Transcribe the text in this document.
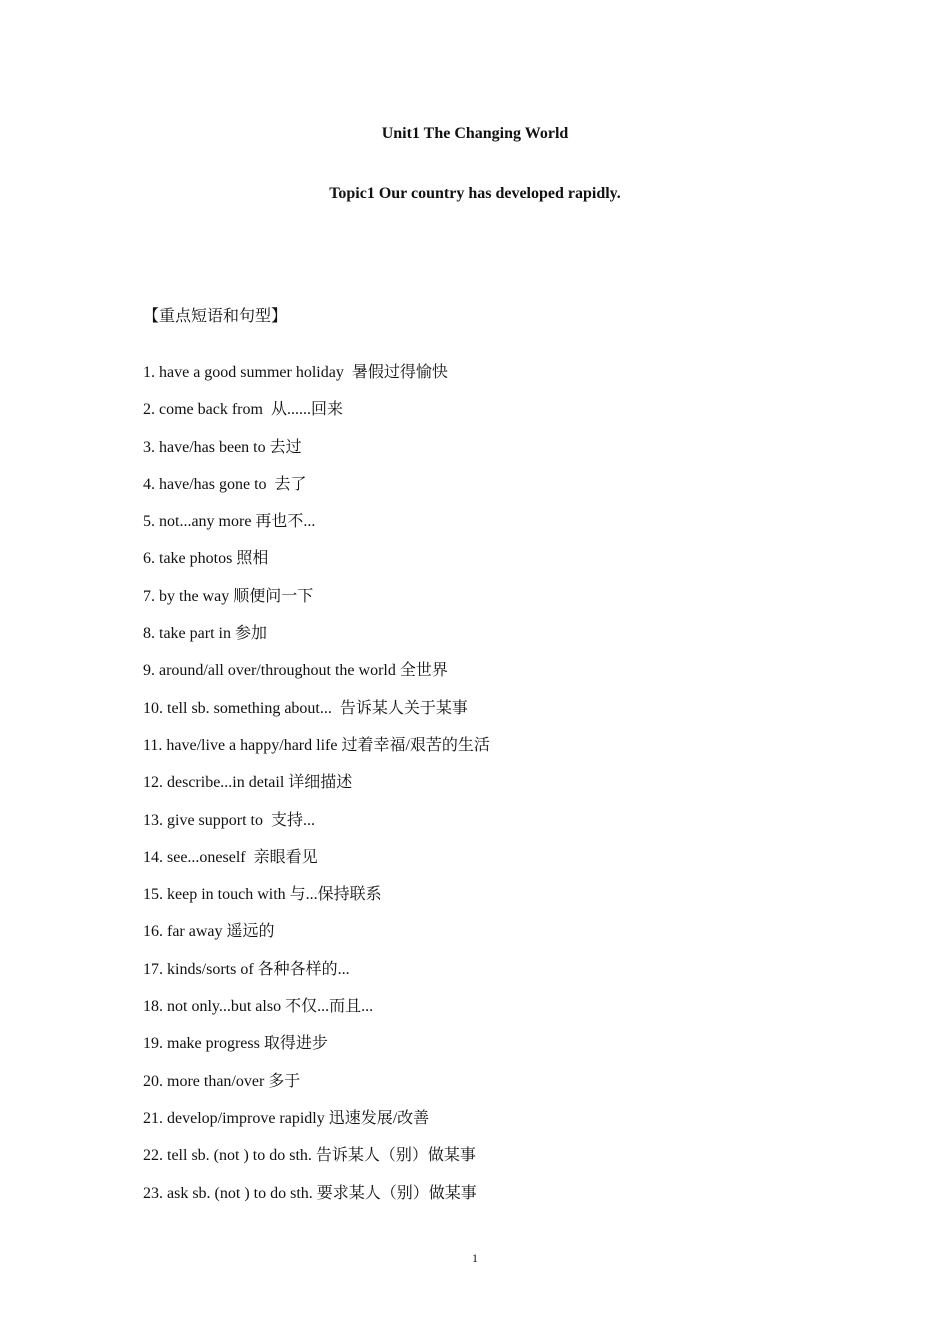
Unit1 The Changing World
Topic1 Our country has developed rapidly.
【重点短语和句型】
1. have a good summer holiday  暑假过得愉快
2. come back from  从......回来
3. have/has been to 去过
4. have/has gone to  去了
5. not...any more 再也不...
6. take photos 照相
7. by the way 顺便问一下
8. take part in 参加
9. around/all over/throughout the world 全世界
10. tell sb. something about...  告诉某人关于某事
11. have/live a happy/hard life 过着幸福/艰苦的生活
12. describe...in detail 详细描述
13. give support to  支持...
14. see...oneself  亲眼看见
15. keep in touch with 与...保持联系
16. far away 遥远的
17. kinds/sorts of 各种各样的...
18. not only...but also 不仅...而且...
19. make progress 取得进步
20. more than/over 多于
21. develop/improve rapidly 迅速发展/改善
22. tell sb. (not ) to do sth. 告诉某人（别）做某事
23. ask sb. (not ) to do sth. 要求某人（别）做某事
1
